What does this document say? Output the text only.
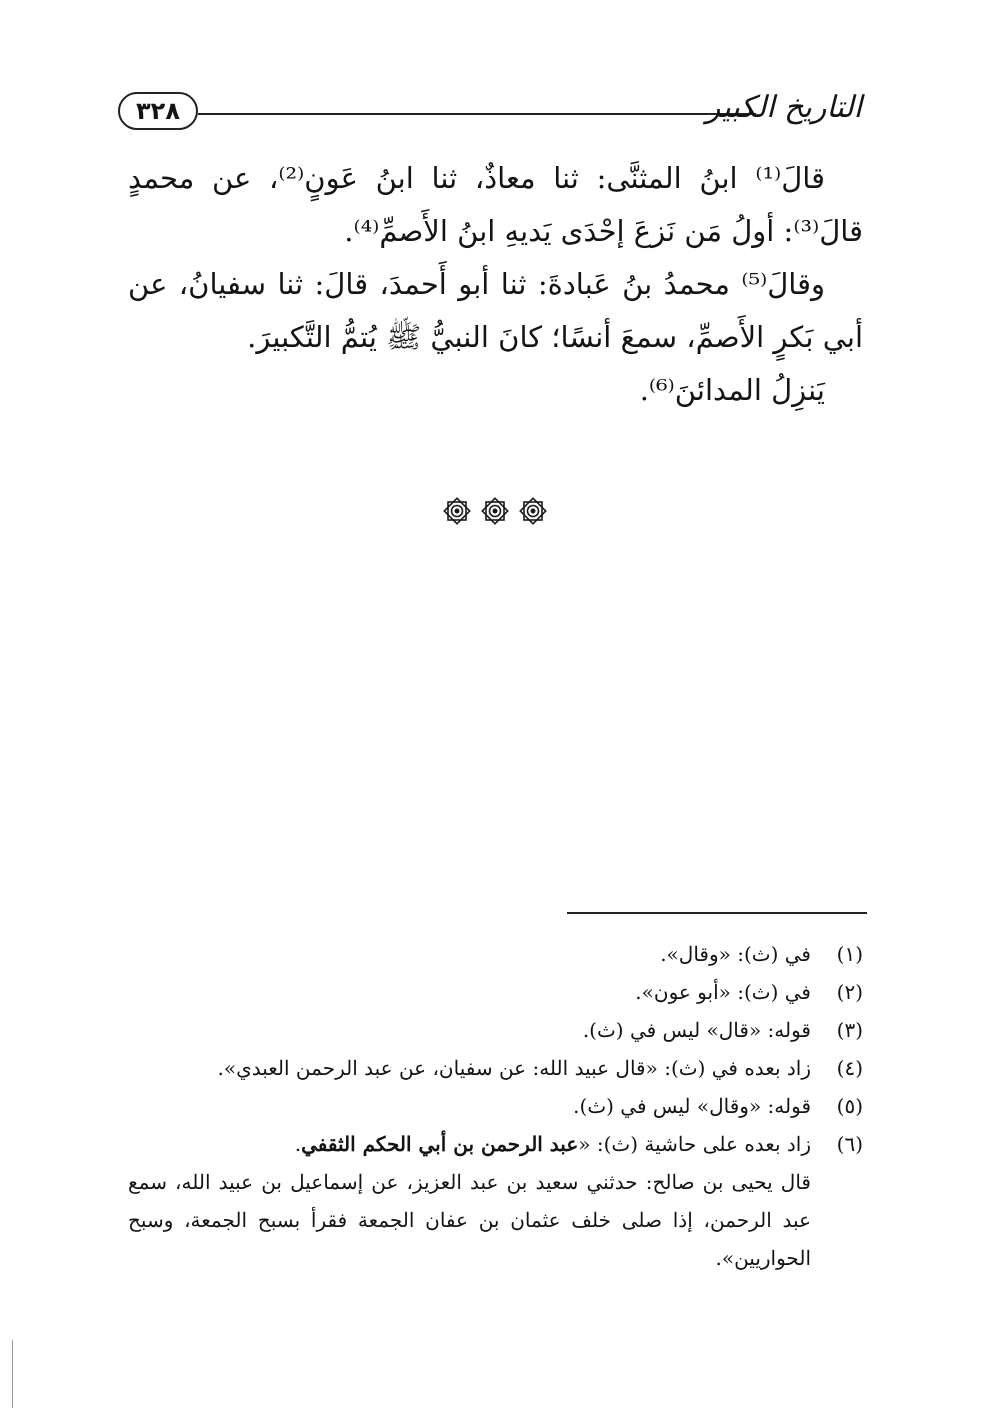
٣٢٨	التاريخ الكبير

قالَ⁽¹⁾ ابنُ المثنَّى: ثنا معاذٌ، ثنا ابنُ عَونٍ⁽²⁾، عن محمدٍ قالَ⁽³⁾: أولُ مَن نَزعَ إحْدَى يَديهِ ابنُ الأَصمِّ⁽⁴⁾.

وقالَ⁽⁵⁾ محمدُ بنُ عَبادةَ: ثنا أبو أَحمدَ، قالَ: ثنا سفيانُ، عن أبي بَكرٍ الأَصمِّ، سمعَ أنسًا؛ كانَ النبيُّ ﷺ يُتمُّ التَّكبيرَ.

يَنزِلُ المدائنَ⁽⁶⁾.

(١)
في (ث): «وقال».
(٢)
في (ث): «أبو عون».
(٣)
قوله: «قال» ليس في (ث).
(٤)
زاد بعده في (ث): «قال عبيد الله: عن سفيان، عن عبد الرحمن العبدي».
(٥)
قوله: «وقال» ليس في (ث).
(٦)
زاد بعده على حاشية (ث): «عبد الرحمن بن أبي الحكم الثقفي.
قال يحيى بن صالح: حدثني سعيد بن عبد العزيز، عن إسماعيل بن عبيد الله، سمع عبد الرحمن، إذا صلى خلف عثمان بن عفان الجمعة فقرأ بسبح الجمعة، وسبح الحواريين».
